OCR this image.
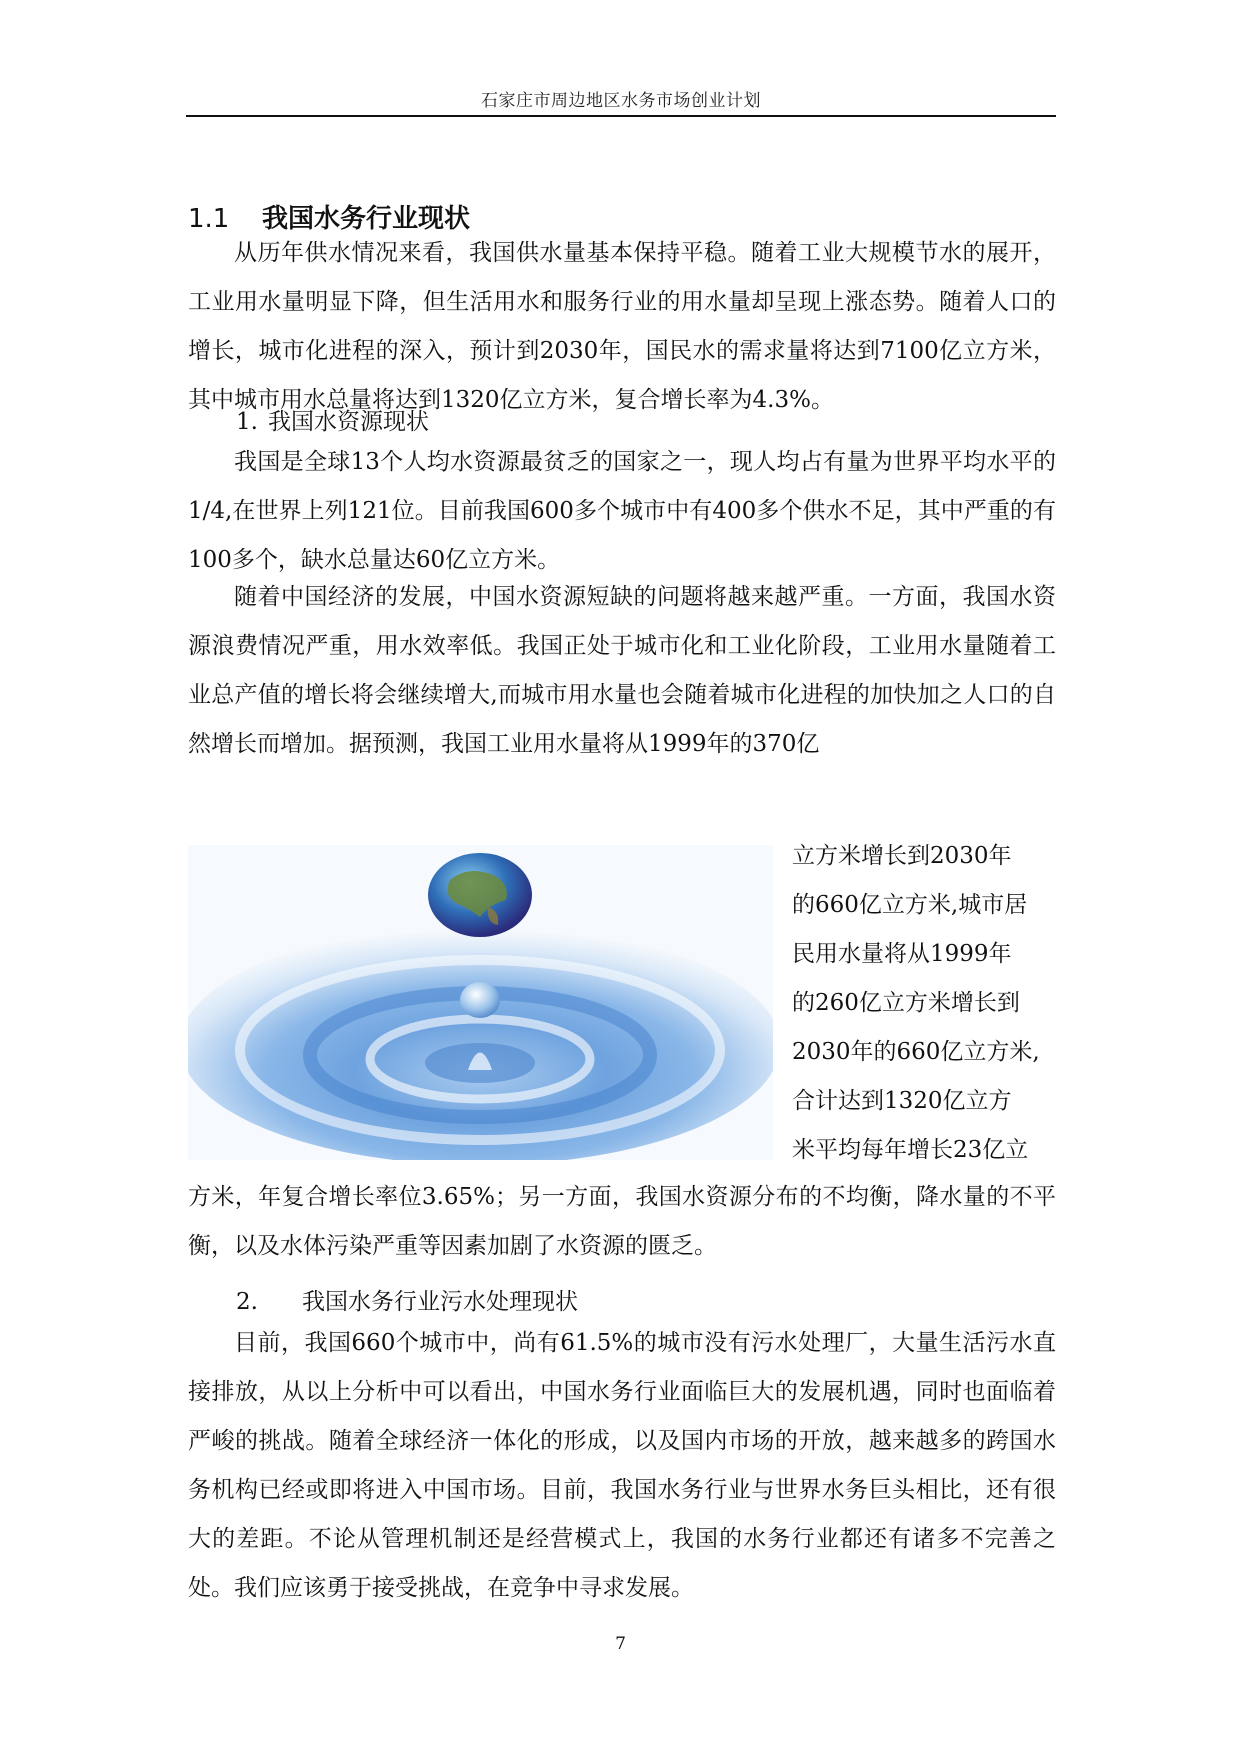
石家庄市周边地区水务市场创业计划
1.1 我国水务行业现状

从历年供水情况来看，我国供水量基本保持平稳。随着工业大规模节水的展开，工业用水量明显下降，但生活用水和服务行业的用水量却呈现上涨态势。随着人口的增长，城市化进程的深入，预计到2030年，国民水的需求量将达到7100亿立方米，其中城市用水总量将达到1320亿立方米，复合增长率为4.3%。

1. 我国水资源现状

我国是全球13个人均水资源最贫乏的国家之一，现人均占有量为世界平均水平的1/4,在世界上列121位。目前我国600多个城市中有400多个供水不足，其中严重的有100多个，缺水总量达60亿立方米。

随着中国经济的发展，中国水资源短缺的问题将越来越严重。一方面，我国水资源浪费情况严重，用水效率低。我国正处于城市化和工业化阶段，工业用水量随着工业总产值的增长将会继续增大,而城市用水量也会随着城市化进程的加快加之人口的自然增长而增加。据预测，我国工业用水量将从1999年的370亿

立方米增长到2030年
的660亿立方米,城市居
民用水量将从1999年
的260亿立方米增长到
2030年的660亿立方米,
合计达到1320亿立方
米平均每年增长23亿立

方米，年复合增长率位3.65%；另一方面，我国水资源分布的不均衡，降水量的不平衡，以及水体污染严重等因素加剧了水资源的匮乏。

2. 我国水务行业污水处理现状

目前，我国660个城市中，尚有61.5%的城市没有污水处理厂，大量生活污水直接排放，从以上分析中可以看出，中国水务行业面临巨大的发展机遇，同时也面临着严峻的挑战。随着全球经济一体化的形成，以及国内市场的开放，越来越多的跨国水务机构已经或即将进入中国市场。目前，我国水务行业与世界水务巨头相比，还有很大的差距。不论从管理机制还是经营模式上，我国的水务行业都还有诸多不完善之处。我们应该勇于接受挑战，在竞争中寻求发展。

7
